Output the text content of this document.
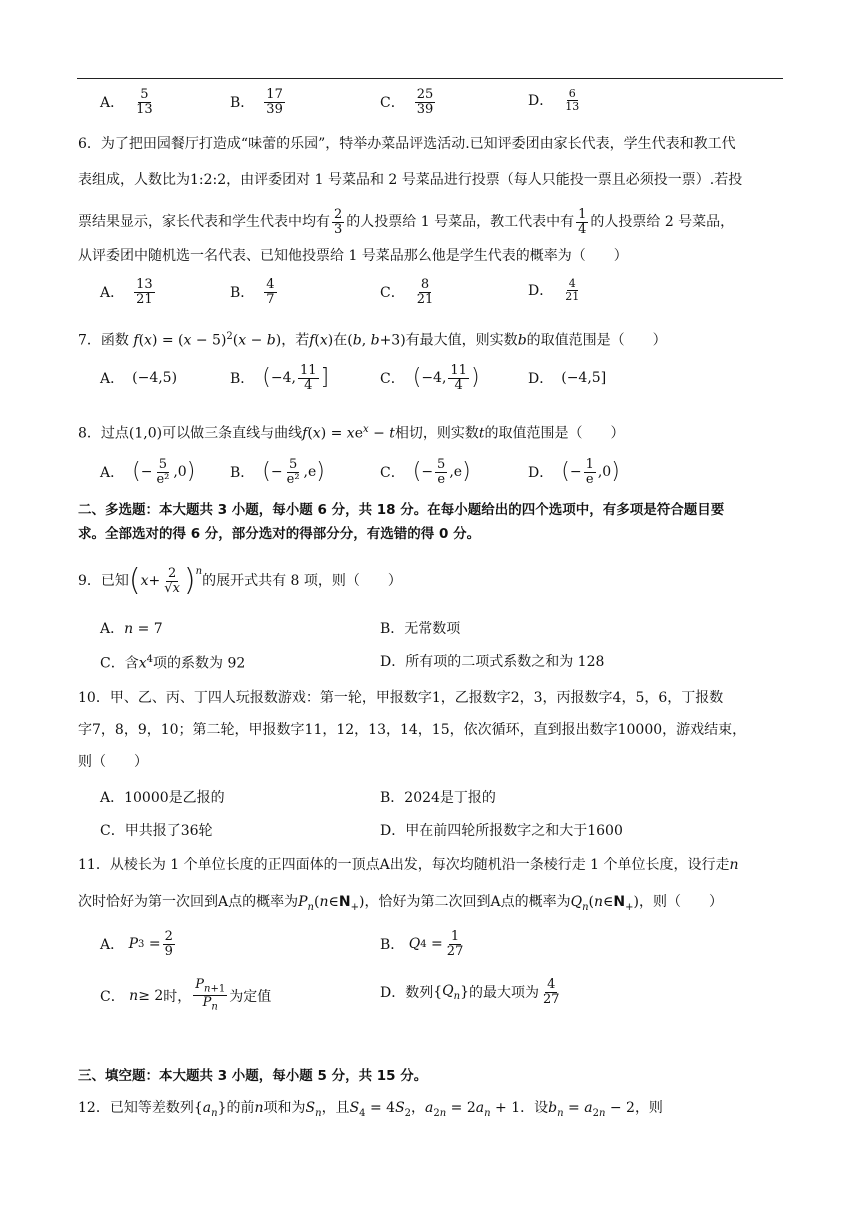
A． $\frac{5}{13}$	B． $\frac{17}{39}$	C． $\frac{25}{39}$	D． $\frac{6}{13}$
6．为了把田园餐厅打造成“味蕾的乐园”，特举办菜品评选活动.已知评委团由家长代表，学生代表和教工代
表组成，人数比为1:2:2，由评委团对 1 号菜品和 2 号菜品进行投票（每人只能投一票且必须投一票）.若投
票结果显示，家长代表和学生代表中均有 $\frac{2}{3}$ 的人投票给 1 号菜品，教工代表中有 $\frac{1}{4}$ 的人投票给 2 号菜品，
从评委团中随机选一名代表、已知他投票给 1 号菜品那么他是学生代表的概率为（　　）
A． $\frac{13}{21}$	B． $\frac{4}{7}$	C． $\frac{8}{21}$	D． $\frac{4}{21}$
7．函数 $f(x) = (x - 5)^2(x - b)$，若f(x)在(b, b+3)有最大值，则实数b的取值范围是（　　）
A． (−4,5)	B． ( −4, $\frac{11}{4}$ ]	C． ( −4, $\frac{11}{4}$ )	D． (−4,5]
8．过点(1,0)可以做三条直线与曲线$f(x) = xe^x - t$相切，则实数t的取值范围是（　　）
A． ( − $\frac{5}{\text{e²}} ,0$ ) B． ( − $\frac{5}{\text{e²}} ,e$ )	C． ( − $\frac{5}{e} ,e$ )	D． ( − $\frac{1}{e} ,0$ )
二、多选题：本大题共 3 小题，每小题 6 分，共 18 分。在每小题给出的四个选项中，有多项是符合题目要
求。全部选对的得 6 分，部分选对的得部分分，有选错的得 0 分。
9．已知 ( $x + \frac{2}{√x}$ ) $^n$
的展开式共有 8 项，则（　　）
A．n = 7	B．无常数项
C．含$x^4$项的系数为 92	D．所有项的二项式系数之和为 128
10．甲、乙、丙、丁四人玩报数游戏：第一轮，甲报数字1，乙报数字2，3，丙报数字4，5，6，丁报数
字7，8，9，10；第二轮，甲报数字11，12，13，14，15，依次循环，直到报出数字10000，游戏结束，
则（　　）
A．10000是乙报的	B．2024是丁报的
C．甲共报了36轮	D．甲在前四轮所报数字之和大于1600
11．从棱长为 1 个单位长度的正四面体的一顶点A出发，每次均随机沿一条棱行走 1 个单位长度，设行走n
次时恰好为第一次回到A点的概率为$P_n(n\in N_+)$，恰好为第二次回到A点的概率为$Q_n(n\in N_+)$，则（　　）
A．
P $3 = \frac{2}{9}$	B．
Q $4 = \frac{1}{27}$
C．
n ≥ 2 时， $\frac{P_{n+1}}{P_n}$ 为定值	D．数列 { $Q_n$ } 的最大项为 $\frac{4}{27}$
三、填空题：本大题共 3 小题，每小题 5 分，共 15 分。
12．已知等差数列$\{a_n\}$的前n项和为$S_n$，且$S_4 = 4S_2$，$a_{2n} = 2a_n + 1$．设$b_n = a_{2n} - 2$，则
